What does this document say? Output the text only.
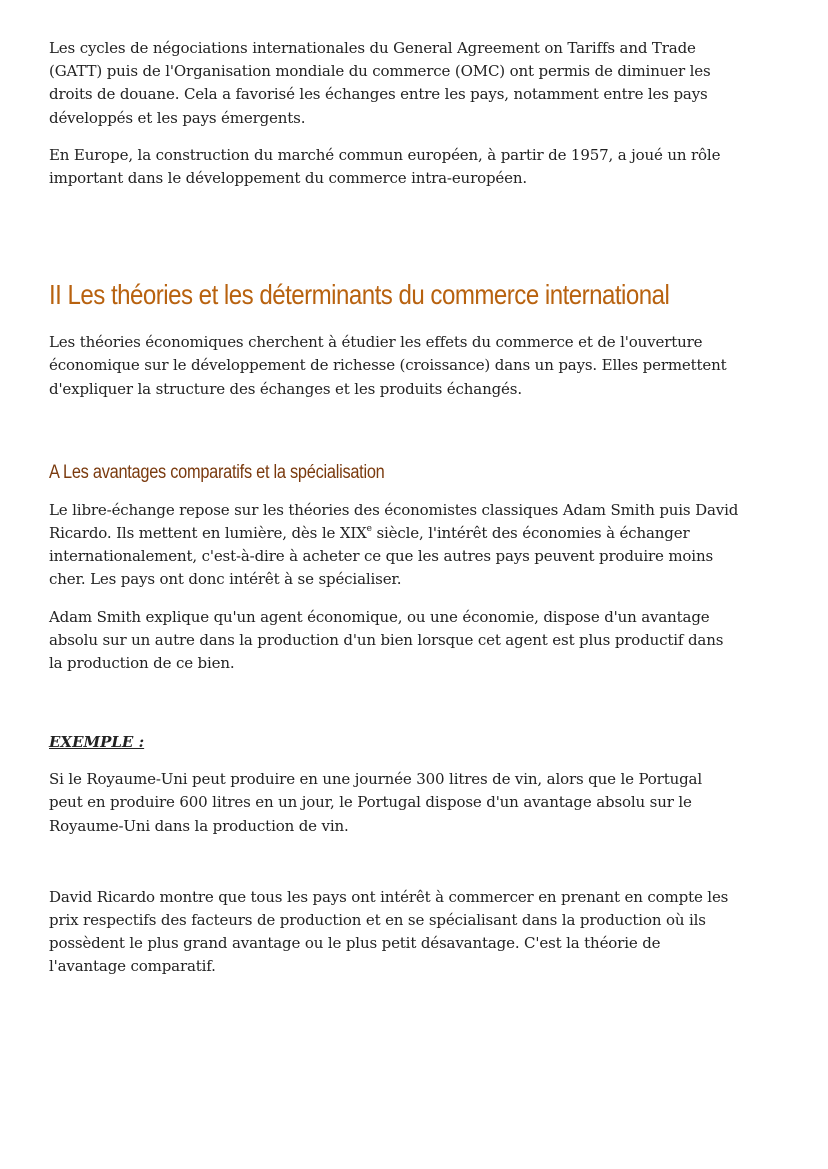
Les cycles de négociations internationales du General Agreement on Tariffs and Trade (GATT) puis de l'Organisation mondiale du commerce (OMC) ont permis de diminuer les droits de douane. Cela a favorisé les échanges entre les pays, notamment entre les pays développés et les pays émergents.

En Europe, la construction du marché commun européen, à partir de 1957, a joué un rôle important dans le développement du commerce intra-européen.

II Les théories et les déterminants du commerce international

Les théories économiques cherchent à étudier les effets du commerce et de l'ouverture économique sur le développement de richesse (croissance) dans un pays. Elles permettent d'expliquer la structure des échanges et les produits échangés.

A Les avantages comparatifs et la spécialisation

Le libre-échange repose sur les théories des économistes classiques Adam Smith puis David Ricardo. Ils mettent en lumière, dès le XIXe siècle, l'intérêt des économies à échanger internationalement, c'est-à-dire à acheter ce que les autres pays peuvent produire moins cher. Les pays ont donc intérêt à se spécialiser.

Adam Smith explique qu'un agent économique, ou une économie, dispose d'un avantage absolu sur un autre dans la production d'un bien lorsque cet agent est plus productif dans la production de ce bien.

EXEMPLE :

Si le Royaume-Uni peut produire en une journée 300 litres de vin, alors que le Portugal peut en produire 600 litres en un jour, le Portugal dispose d'un avantage absolu sur le Royaume-Uni dans la production de vin.

David Ricardo montre que tous les pays ont intérêt à commercer en prenant en compte les prix respectifs des facteurs de production et en se spécialisant dans la production où ils possèdent le plus grand avantage ou le plus petit désavantage. C'est la théorie de l'avantage comparatif.
